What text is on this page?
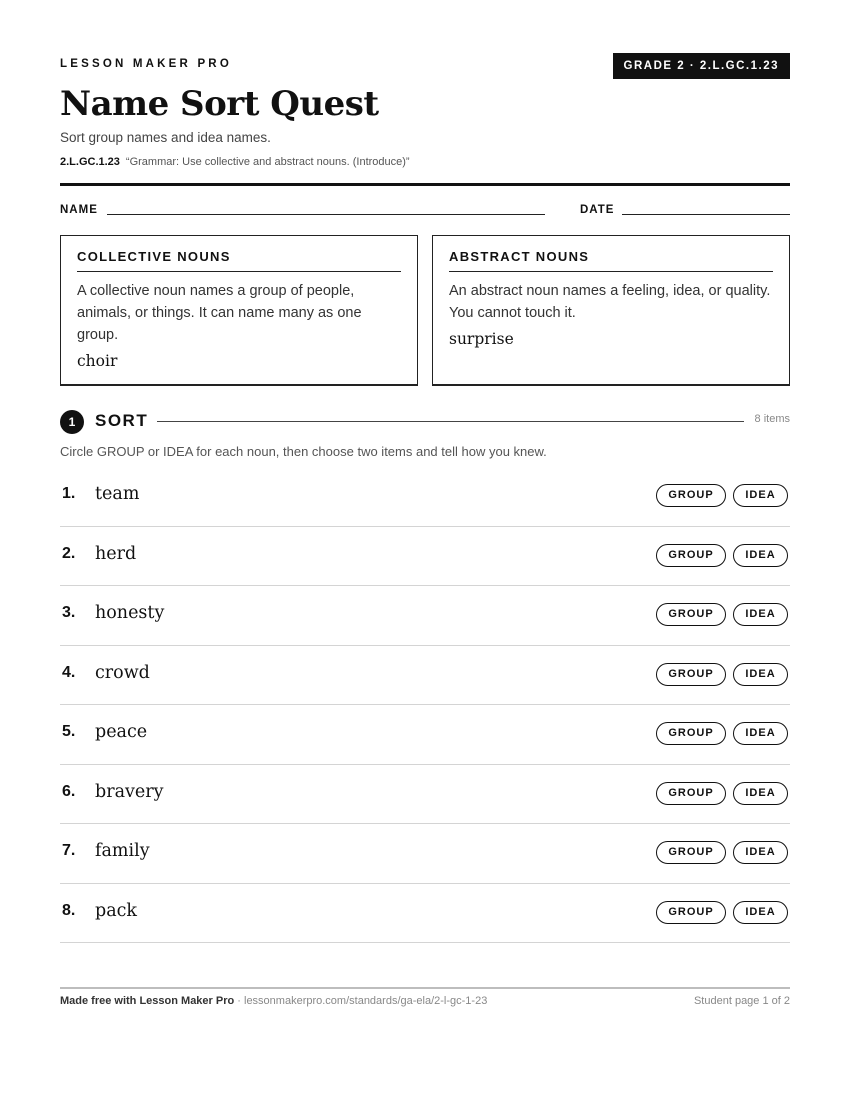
LESSON MAKER PRO	GRADE 2 · 2.L.GC.1.23
Name Sort Quest
Sort group names and idea names.
2.L.GC.1.23 “Grammar: Use collective and abstract nouns. (Introduce)”
NAME	DATE
COLLECTIVE NOUNS
A collective noun names a group of people, animals, or things. It can name many as one group.
choir
ABSTRACT NOUNS
An abstract noun names a feeling, idea, or quality. You cannot touch it.
surprise
1	SORT	8 items
Circle GROUP or IDEA for each noun, then choose two items and tell how you knew.
1. team	GROUP	IDEA
2. herd	GROUP	IDEA
3. honesty	GROUP	IDEA
4. crowd	GROUP	IDEA
5. peace	GROUP	IDEA
6. bravery	GROUP	IDEA
7. family	GROUP	IDEA
8. pack	GROUP	IDEA
Made free with Lesson Maker Pro · lessonmakerpro.com/standards/ga-ela/2-l-gc-1-23	Student page 1 of 2
